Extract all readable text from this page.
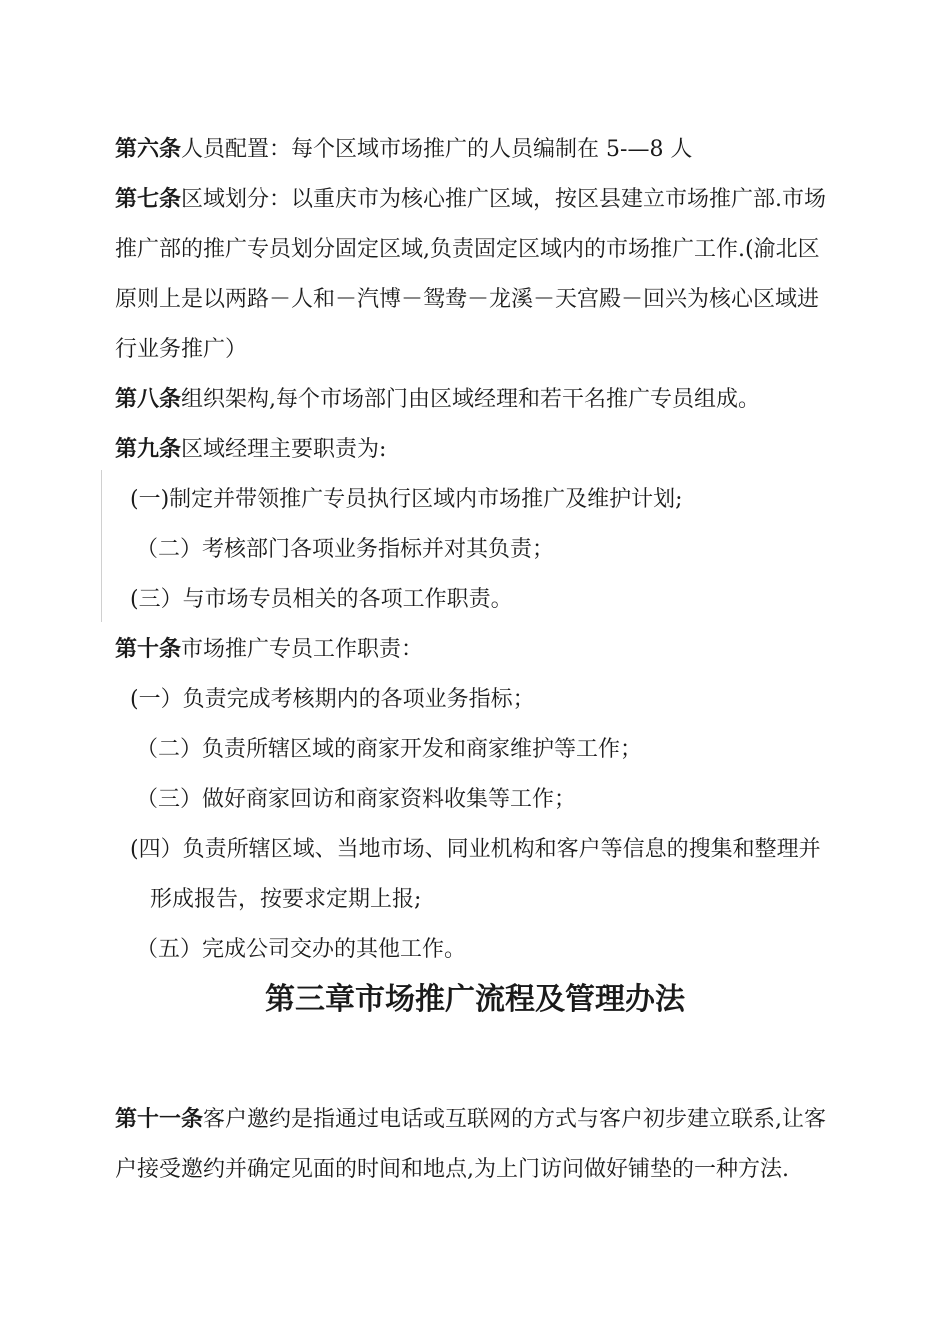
第六条人员配置：每个区域市场推广的人员编制在 5-—8 人
第七条区域划分：以重庆市为核心推广区域，按区县建立市场推广部.市场
推广部的推广专员划分固定区域,负责固定区域内的市场推广工作.(渝北区
原则上是以两路－人和－汽博－鸳鸯－龙溪－天宫殿－回兴为核心区域进
行业务推广）
第八条组织架构,每个市场部门由区域经理和若干名推广专员组成。
第九条区域经理主要职责为:
(一)制定并带领推广专员执行区域内市场推广及维护计划;
（二）考核部门各项业务指标并对其负责；
(三）与市场专员相关的各项工作职责。
第十条市场推广专员工作职责：
(一）负责完成考核期内的各项业务指标；
（二）负责所辖区域的商家开发和商家维护等工作；
（三）做好商家回访和商家资料收集等工作；
(四）负责所辖区域、当地市场、同业机构和客户等信息的搜集和整理并
形成报告，按要求定期上报;
（五）完成公司交办的其他工作。
第三章市场推广流程及管理办法
第十一条客户邀约是指通过电话或互联网的方式与客户初步建立联系,让客
户接受邀约并确定见面的时间和地点,为上门访问做好铺垫的一种方法.
